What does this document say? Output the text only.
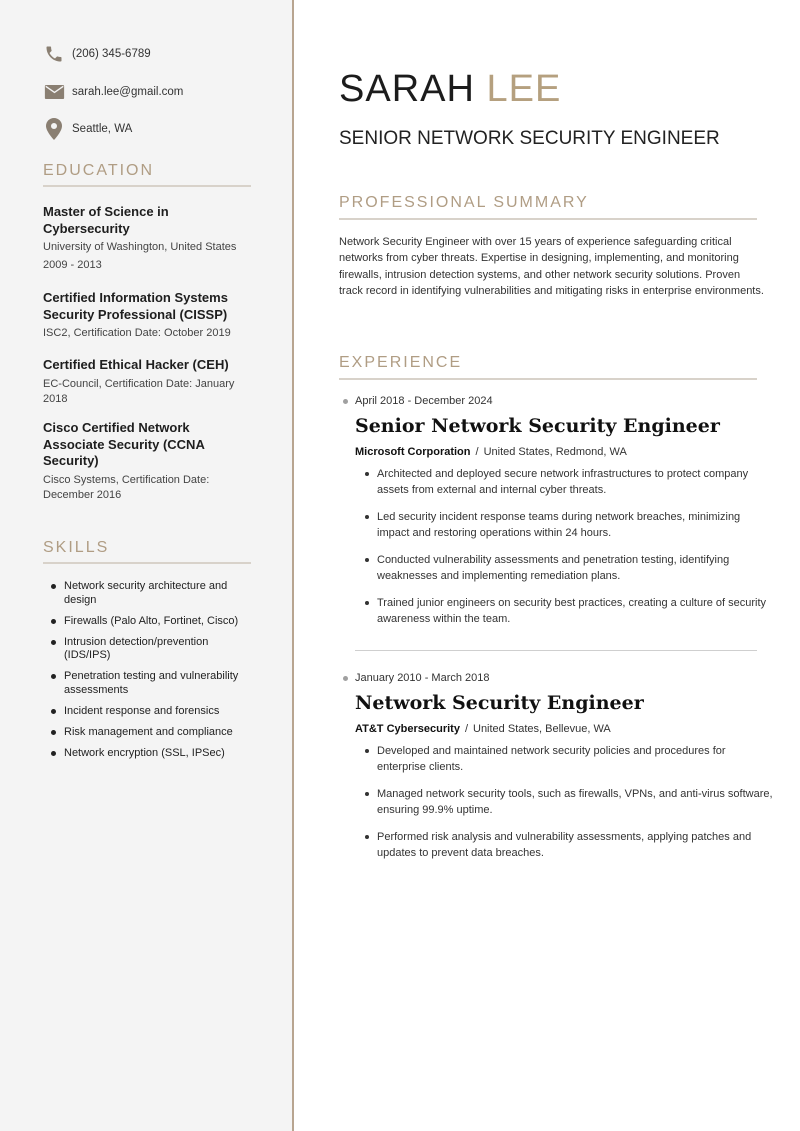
(206) 345-6789
sarah.lee@gmail.com
Seattle, WA
EDUCATION
Master of Science in Cybersecurity
University of Washington, United States
2009 - 2013
Certified Information Systems Security Professional (CISSP)
ISC2, Certification Date: October 2019
Certified Ethical Hacker (CEH)
EC-Council, Certification Date: January 2018
Cisco Certified Network Associate Security (CCNA Security)
Cisco Systems, Certification Date: December 2016
SKILLS
Network security architecture and design
Firewalls (Palo Alto, Fortinet, Cisco)
Intrusion detection/prevention (IDS/IPS)
Penetration testing and vulnerability assessments
Incident response and forensics
Risk management and compliance
Network encryption (SSL, IPSec)
SARAH LEE
SENIOR NETWORK SECURITY ENGINEER
PROFESSIONAL SUMMARY

Network Security Engineer with over 15 years of experience safeguarding critical networks from cyber threats. Expertise in designing, implementing, and monitoring firewalls, intrusion detection systems, and other network security solutions. Proven track record in identifying vulnerabilities and mitigating risks in enterprise environments.

EXPERIENCE
April 2018 - December 2024
Senior Network Security Engineer
Microsoft Corporation / United States, Redmond, WA
Architected and deployed secure network infrastructures to protect company assets from external and internal cyber threats.
Led security incident response teams during network breaches, minimizing impact and restoring operations within 24 hours.
Conducted vulnerability assessments and penetration testing, identifying weaknesses and implementing remediation plans.
Trained junior engineers on security best practices, creating a culture of security awareness within the team.
January 2010 - March 2018
Network Security Engineer
AT&T Cybersecurity / United States, Bellevue, WA
Developed and maintained network security policies and procedures for enterprise clients.
Managed network security tools, such as firewalls, VPNs, and anti-virus software, ensuring 99.9% uptime.
Performed risk analysis and vulnerability assessments, applying patches and updates to prevent data breaches.
